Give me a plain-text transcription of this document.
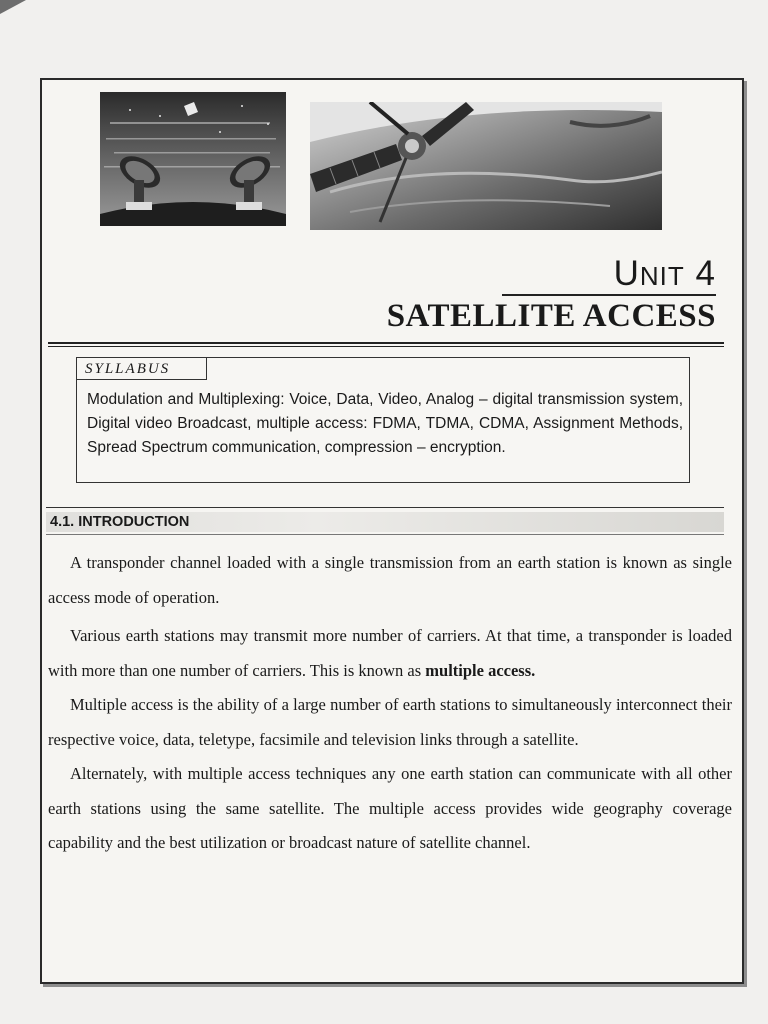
UNIT 4
SATELLITE ACCESS
SYLLABUS
Modulation and Multiplexing: Voice, Data, Video, Analog – digital transmission system, Digital video Broadcast, multiple access: FDMA, TDMA, CDMA, Assignment Methods, Spread Spectrum communication, compression – encryption.
4.1. INTRODUCTION

A transponder channel loaded with a single transmission from an earth station is known as single access mode of operation.

Various earth stations may transmit more number of carriers. At that time, a transponder is loaded with more than one number of carriers. This is known as multiple access.

Multiple access is the ability of a large number of earth stations to simultaneously interconnect their respective voice, data, teletype, facsimile and television links through a satellite.

Alternately, with multiple access techniques any one earth station can communicate with all other earth stations using the same satellite. The multiple access provides wide geography coverage capability and the best utilization or broadcast nature of satellite channel.
